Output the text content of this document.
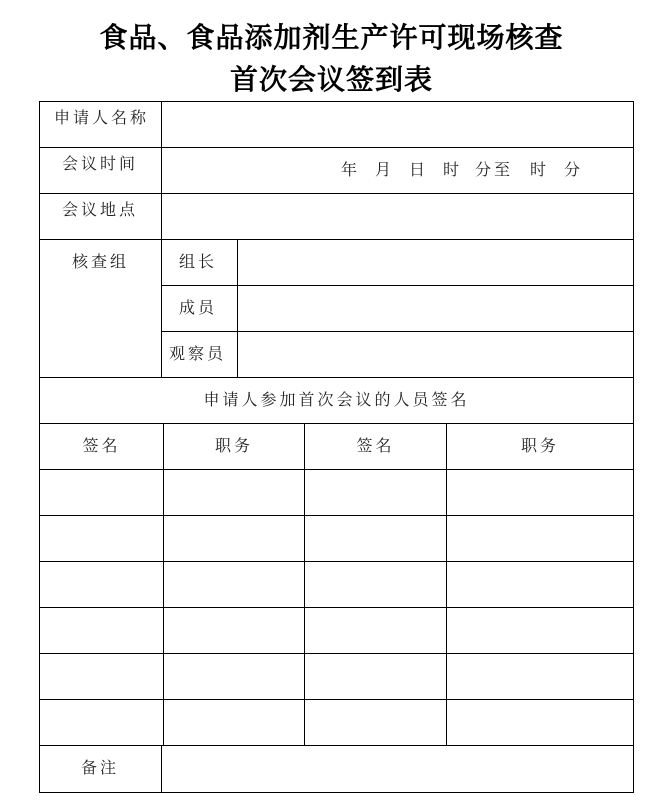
食品、食品添加剂生产许可现场核查
首次会议签到表
申请人名称
会议时间	年 月 日 时 分至 时 分
会议地点
核查组	组长
成员
观察员
申请人参加首次会议的人员签名
签名	职务	签名	职务
备注
